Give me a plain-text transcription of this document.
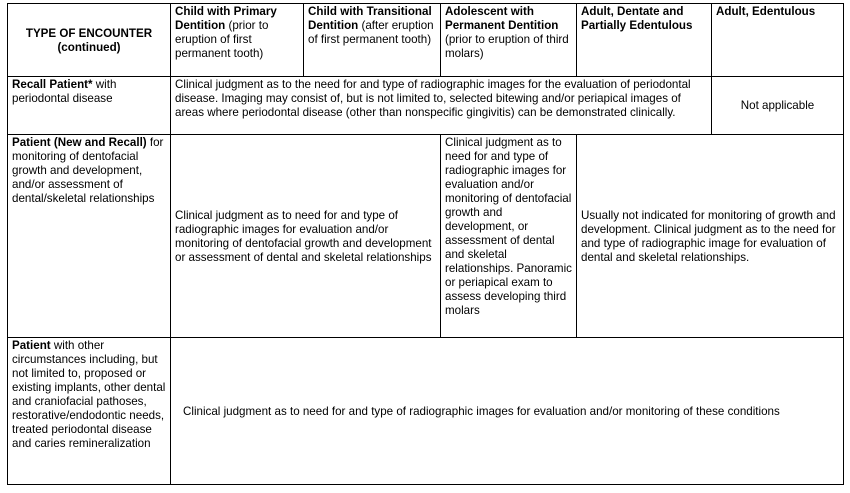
TYPE OF ENCOUNTER (continued)	Child with Primary Dentition (prior to eruption of first permanent tooth)	Child with Transitional Dentition (after eruption of first permanent tooth)	Adolescent with Permanent Dentition (prior to eruption of third molars)	Adult, Dentate and Partially Edentulous	Adult, Edentulous
Recall Patient* with periodontal disease	Clinical judgment as to the need for and type of radiographic images for the evaluation of periodontal disease. Imaging may consist of, but is not limited to, selected bitewing and/or periapical images of areas where periodontal disease (other than nonspecific gingivitis) can be demonstrated clinically.				Not applicable
Patient (New and Recall) for monitoring of dentofacial growth and development, and/or assessment of dental/skeletal relationships	Clinical judgment as to need for and type of radiographic images for evaluation and/or monitoring of dentofacial growth and development or assessment of dental and skeletal relationships		Clinical judgment as to need for and type of radiographic images for evaluation and/or monitoring of dentofacial growth and development, or assessment of dental and skeletal relationships. Panoramic or periapical exam to assess developing third molars	Usually not indicated for monitoring of growth and development. Clinical judgment as to the need for and type of radiographic image for evaluation of dental and skeletal relationships.	
Patient with other circumstances including, but not limited to, proposed or existing implants, other dental and craniofacial pathoses, restorative/endodontic needs, treated periodontal disease and caries remineralization	Clinical judgment as to need for and type of radiographic images for evaluation and/or monitoring of these conditions				
